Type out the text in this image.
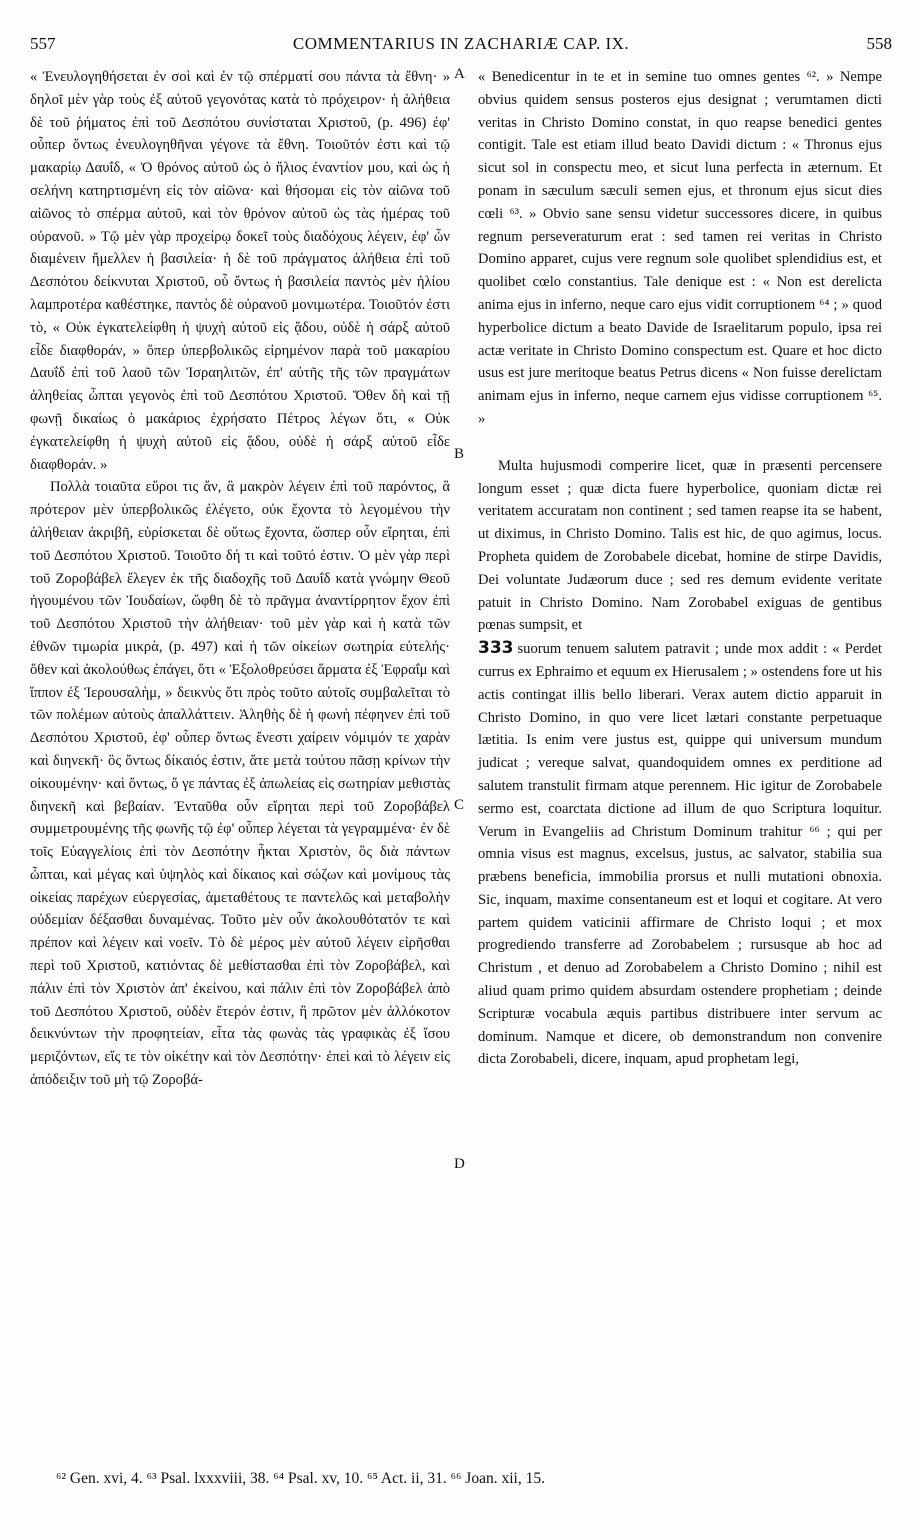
557	COMMENTARIUS IN ZACHARIÆ CAP. IX.	558

« Ἐνευλογηθήσεται ἐν σοὶ καὶ ἐν τῷ σπέρματί σου πάντα τὰ ἔθνη· » δηλοῖ μὲν γὰρ τοὺς ἐξ αὐτοῦ γεγονότας κατὰ τὸ πρόχειρον· ἡ ἀλήθεια δὲ τοῦ ῥήματος ἐπὶ τοῦ Δεσπότου συνίσταται Χριστοῦ, (p. 496) ἐφ' οὗπερ ὄντως ἐνευλογηθῆναι γέγονε τὰ ἔθνη. Τοιοῦτόν ἐστι καὶ τῷ μακαρίῳ Δαυΐδ, « Ὁ θρόνος αὐτοῦ ὡς ὁ ἥλιος ἐναντίον μου, καὶ ὡς ἡ σελήνη κατηρτισμένη εἰς τὸν αἰῶνα· καὶ θήσομαι εἰς τὸν αἰῶνα τοῦ αἰῶνος τὸ σπέρμα αὐτοῦ, καὶ τὸν θρόνον αὐτοῦ ὡς τὰς ἡμέρας τοῦ οὐρανοῦ. » Τῷ μὲν γὰρ προχείρῳ δοκεῖ τοὺς διαδόχους λέγειν, ἐφ' ὧν διαμένειν ἤμελλεν ἡ βασιλεία· ἡ δὲ τοῦ πράγματος ἀλήθεια ἐπὶ τοῦ Δεσπότου δείκνυται Χριστοῦ, οὗ ὄντως ἡ βασιλεία παντὸς μὲν ἡλίου λαμπροτέρα καθέστηκε, παντὸς δὲ οὐρανοῦ μονιμωτέρα. Τοιοῦτόν ἐστι τὸ, « Οὐκ ἐγκατελείφθη ἡ ψυχὴ αὐτοῦ εἰς ᾅδου, οὐδὲ ἡ σάρξ αὐτοῦ εἶδε διαφθοράν, » ὅπερ ὑπερβολικῶς εἰρημένον παρὰ τοῦ μακαρίου Δαυΐδ ἐπὶ τοῦ λαοῦ τῶν Ἰσραηλιτῶν, ἐπ' αὐτῆς τῆς τῶν πραγμάτων ἀληθείας ὦπται γεγονὸς ἐπὶ τοῦ Δεσπότου Χριστοῦ. Ὅθεν δὴ καὶ τῇ φωνῇ δικαίως ὁ μακάριος ἐχρήσατο Πέτρος λέγων ὅτι, « Οὐκ ἐγκατελείφθη ἡ ψυχὴ αὐτοῦ εἰς ᾅδου, οὐδὲ ἡ σάρξ αὐτοῦ εἶδε διαφθοράν. »

Πολλὰ τοιαῦτα εὕροι τις ἄν, ἃ μακρὸν λέγειν ἐπὶ τοῦ παρόντος, ἃ πρότερον μὲν ὑπερβολικῶς ἐλέγετο, οὐκ ἔχοντα τὸ λεγομένου τὴν ἀλήθειαν ἀκριβῆ, εὑρίσκεται δὲ οὕτως ἔχοντα, ὥσπερ οὖν εἴρηται, ἐπὶ τοῦ Δεσπότου Χριστοῦ. Τοιοῦτο δή τι καὶ τοῦτό ἐστιν. Ὁ μὲν γὰρ περὶ τοῦ Ζοροβάβελ ἔλεγεν ἐκ τῆς διαδοχῆς τοῦ Δαυΐδ κατὰ γνώμην Θεοῦ ἡγουμένου τῶν Ἰουδαίων, ὤφθη δὲ τὸ πρᾶγμα ἀναντίρρητον ἔχον ἐπὶ τοῦ Δεσπότου Χριστοῦ τὴν ἀλήθειαν· τοῦ μὲν γὰρ καὶ ἡ κατὰ τῶν ἐθνῶν τιμωρία μικρὰ, (p. 497) καὶ ἡ τῶν οἰκείων σωτηρία εὐτελής· ὅθεν καὶ ἀκολούθως ἐπάγει, ὅτι « Ἐξολοθρεύσει ἅρματα ἐξ Ἐφραΐμ καὶ ἵππον ἐξ Ἱερουσαλὴμ, » δεικνὺς ὅτι πρὸς τοῦτο αὐτοῖς συμβαλεῖται τὸ τῶν πολέμων αὐτοὺς ἀπαλλάττειν. Ἀληθὴς δὲ ἡ φωνὴ πέφηνεν ἐπὶ τοῦ Δεσπότου Χριστοῦ, ἐφ' οὗπερ ὄντως ἔνεστι χαίρειν νόμιμόν τε χαρὰν καὶ διηνεκῆ· ὃς ὄντως δίκαιός ἐστιν, ἅτε μετὰ τούτου πᾶσῃ κρίνων τὴν οἰκουμένην· καὶ ὄντως, ὅ γε πάντας ἐξ ἀπωλείας εἰς σωτηρίαν μεθιστὰς διηνεκῆ καὶ βεβαίαν. Ἐνταῦθα οὖν εἴρηται περὶ τοῦ Ζοροβάβελ συμμετρουμένης τῆς φωνῆς τῷ ἐφ' οὗπερ λέγεται τὰ γεγραμμένα· ἐν δὲ τοῖς Εὐαγγελίοις ἐπὶ τὸν Δεσπότην ἦκται Χριστὸν, ὃς διὰ πάντων ὦπται, καὶ μέγας καὶ ὑψηλὸς καὶ δίκαιος καὶ σώζων καὶ μονίμους τὰς οἰκείας παρέχων εὐεργεσίας, ἀμεταθέτους τε παντελῶς καὶ μεταβολὴν οὐδεμίαν δέξασθαι δυναμένας. Τοῦτο μὲν οὖν ἀκολουθότατόν τε καὶ πρέπον καὶ λέγειν καὶ νοεῖν. Τὸ δὲ μέρος μὲν αὐτοῦ λέγειν εἰρῆσθαι περὶ τοῦ Χριστοῦ, κατιόντας δὲ μεθίστασθαι ἐπὶ τὸν Ζοροβάβελ, καὶ πάλιν ἐπὶ τὸν Χριστὸν ἀπ' ἐκείνου, καὶ πάλιν ἐπὶ τὸν Ζοροβάβελ ἀπὸ τοῦ Δεσπότου Χριστοῦ, οὐδὲν ἕτερόν ἐστιν, ἢ πρῶτον μὲν ἀλλόκοτον δεικνύντων τὴν προφητείαν, εἶτα τὰς φωνὰς τὰς γραφικὰς ἐξ ἴσου μεριζόντων, εἴς τε τὸν οἰκέτην καὶ τὸν Δεσπότην· ἐπεὶ καὶ τὸ λέγειν εἰς ἀπόδειξιν τοῦ μὴ τῷ Ζοροβά-

A
B
C
D

« Benedicentur in te et in semine tuo omnes gentes ⁶². » Nempe obvius quidem sensus posteros ejus designat ; verumtamen dicti veritas in Christo Domino constat, in quo reapse benedici gentes contigit. Tale est etiam illud beato Davidi dictum : « Thronus ejus sicut sol in conspectu meo, et sicut luna perfecta in æternum. Et ponam in sæculum sæculi semen ejus, et thronum ejus sicut dies cœli ⁶³. » Obvio sane sensu videtur successores dicere, in quibus regnum perseveraturum erat : sed tamen rei veritas in Christo Domino apparet, cujus vere regnum sole quolibet splendidius est, et quolibet cœlo constantius. Tale denique est : « Non est derelicta anima ejus in inferno, neque caro ejus vidit corruptionem ⁶⁴ ; » quod hyperbolice dictum a beato Davide de Israelitarum populo, ipsa rei actæ veritate in Christo Domino conspectum est. Quare et hoc dicto usus est jure meritoque beatus Petrus dicens « Non fuisse derelictam animam ejus in inferno, neque carnem ejus vidisse corruptionem ⁶⁵. »

Multa hujusmodi comperire licet, quæ in præsenti percensere longum esset ; quæ dicta fuere hyperbolice, quoniam dictæ rei veritatem accuratam non continent ; sed tamen reapse ita se habent, ut diximus, in Christo Domino. Talis est hic, de quo agimus, locus. Propheta quidem de Zorobabele dicebat, homine de stirpe Davidis, Dei voluntate Judæorum duce ; sed res demum evidente veritate patuit in Christo Domino. Nam Zorobabel exiguas de gentibus pœnas sumpsit, et
333 suorum tenuem salutem patravit ; unde mox addit : « Perdet currus ex Ephraimo et equum ex Hierusalem ; » ostendens fore ut his actis contingat illis bello liberari. Verax autem dictio apparuit in Christo Domino, in quo vere licet lætari constante perpetuaque lætitia. Is enim vere justus est, quippe qui universum mundum judicat ; vereque salvat, quandoquidem omnes ex perditione ad salutem transtulit firmam atque perennem. Hic igitur de Zorobabele sermo est, coarctata dictione ad illum de quo Scriptura loquitur. Verum in Evangeliis ad Christum Dominum trahitur ⁶⁶ ; qui per omnia visus est magnus, excelsus, justus, ac salvator, stabilia sua præbens beneficia, immobilia prorsus et nulli mutationi obnoxia. Sic, inquam, maxime consentaneum est et loqui et cogitare. At vero partem quidem vaticinii affirmare de Christo loqui ; et mox progrediendo transferre ad Zorobabelem ; rursusque ab hoc ad Christum , et denuo ad Zorobabelem a Christo Domino ; nihil est aliud quam primo quidem absurdam ostendere prophetiam ; deinde Scripturæ vocabula æquis partibus distribuere inter servum ac dominum. Namque et dicere, ob demonstrandum non convenire dicta Zorobabeli, dicere, inquam, apud prophetam legi,

⁶² Gen. xvi, 4. ⁶³ Psal. lxxxviii, 38. ⁶⁴ Psal. xv, 10. ⁶⁵ Act. ii, 31. ⁶⁶ Joan. xii, 15.
